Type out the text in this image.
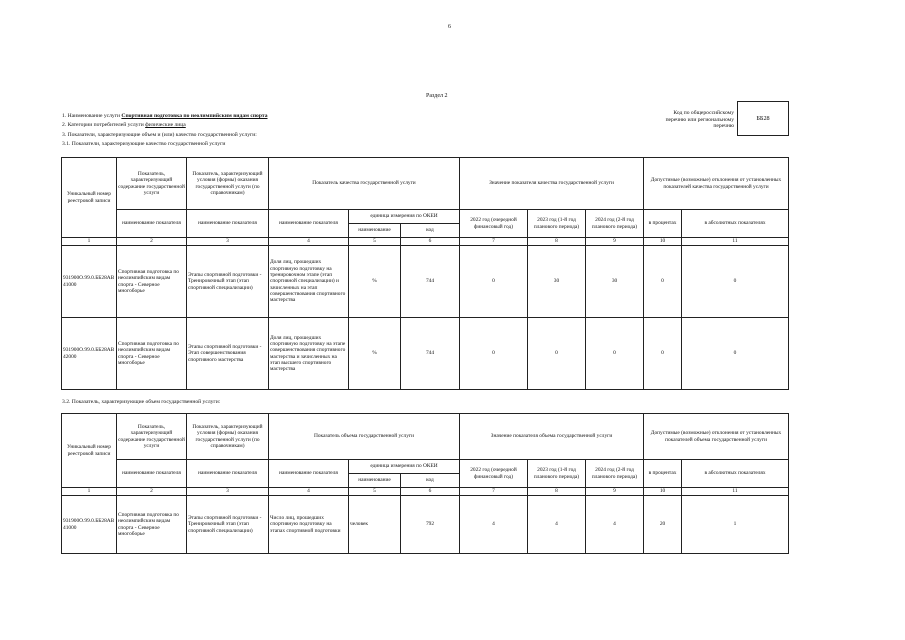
6
Раздел 2
1. Наименование услуги Спортивная подготовка по неолимпийским видам спорта
2. Категории потребителей услуги физические лица
3. Показатели, характеризующие объем и (или) качество государственной услуги:
3.1. Показатели, характеризующие качество государственной услуги
Код по общероссийскому
перечню или региональному
перечню
ББ28
Уникальный номер реестровой записи	Показатель, характеризующий содержание государственной услуги	Показатель, характеризующий условия (формы) оказания государственной услуги (по справочникам)	Показатель качества государственной услуги			Значение показателя качества государственной услуги			Допустимые (возможные) отклонения от установленных показателей качества государственной услуги	
	наименование показателя	наименование показателя	наименование показателя	единица измерения по ОКЕИ		2022 год (очередной финансовый год)	2023 год (1-й год планового периода)	2024 год (2-й год планового периода)	в процентах	в абсолютных показателях
				наименование	код					
1	2	3	4	5	6	7	8	9	10	11
931900О.99.0.ББ28АВ41000	Спортивная подготовка по неолимпийским видам спорта - Северное многоборье	Этапы спортивной подготовки - Тренировочный этап (этап спортивной специализации)	Доля лиц, прошедших спортивную подготовку на тренировочном этапе (этап спортивной специализации) и зачисленных на этап совершенствования спортивного мастерства	%	744	0	30	30	0	0
931900О.99.0.ББ28АВ42000	Спортивная подготовка по неолимпийским видам спорта - Северное многоборье	Этапы спортивной подготовки - Этап совершенствования спортивного мастерства	Доля лиц, прошедших спортивную подготовку на этапе совершенствования спортивного мастерства и зачисленных на этап высшего спортивного мастерства	%	744	0	0	0	0	0
3.2. Показатель, характеризующие объем государственной услуги:
Уникальный номер реестровой записи	Показатель, характеризующий содержание государственной услуги	Показатель, характеризующий условия (формы) оказания государственной услуги (по справочникам)	Показатель объема государственной услуги			Значение показателя объема государственной услуги			Допустимые (возможные) отклонения от установленных показателей объема государственной услуги	
	наименование показателя	наименование показателя	наименование показателя	единица измерения по ОКЕИ		2022 год (очередной финансовый год)	2023 год (1-й год планового периода)	2024 год (2-й год планового периода)	в процентах	в абсолютных показателях
				наименование	код					
1	2	3	4	5	6	7	8	9	10	11
931900О.99.0.ББ28АВ41000	Спортивная подготовка по неолимпийским видам спорта - Северное многоборье	Этапы спортивной подготовки - Тренировочный этап (этап спортивной специализации)	Число лиц, прошедших спортивную подготовку на этапах спортивной подготовки	человек	792	4	4	4	20	1
